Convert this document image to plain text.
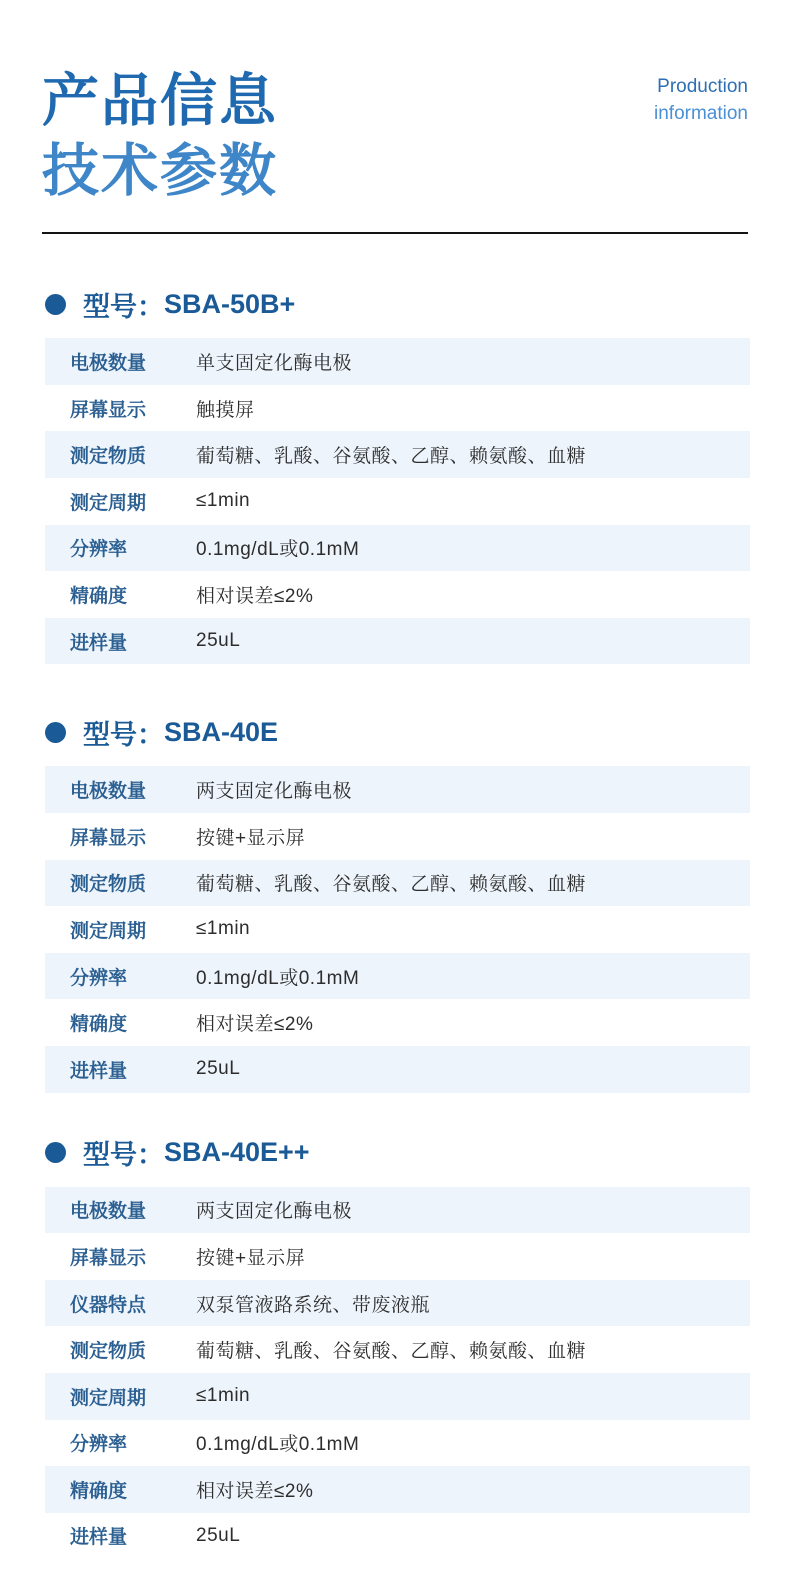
产品信息
技术参数
Production
information
型号： SBA-50B+
电极数量	单支固定化酶电极
屏幕显示	触摸屏
测定物质	葡萄糖、乳酸、谷氨酸、乙醇、赖氨酸、血糖
测定周期	≤1min
分辨率	0.1mg/dL或0.1mM
精确度	相对误差≤2%
进样量	25uL
型号： SBA-40E
电极数量	两支固定化酶电极
屏幕显示	按键+显示屏
测定物质	葡萄糖、乳酸、谷氨酸、乙醇、赖氨酸、血糖
测定周期	≤1min
分辨率	0.1mg/dL或0.1mM
精确度	相对误差≤2%
进样量	25uL
型号： SBA-40E++
电极数量	两支固定化酶电极
屏幕显示	按键+显示屏
仪器特点	双泵管液路系统、带废液瓶
测定物质	葡萄糖、乳酸、谷氨酸、乙醇、赖氨酸、血糖
测定周期	≤1min
分辨率	0.1mg/dL或0.1mM
精确度	相对误差≤2%
进样量	25uL
